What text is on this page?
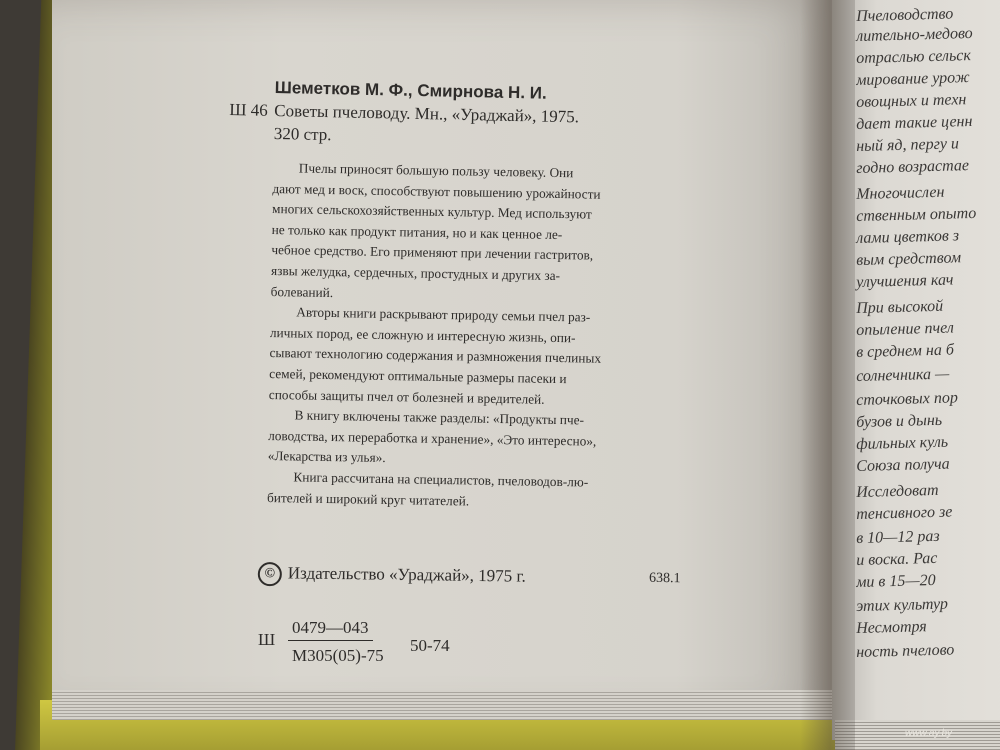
Шеметков М. Ф., Смирнова Н. И.
Ш 46 Советы пчеловоду. Мн., «Ураджай», 1975.
320 стр.
Пчелы приносят большую пользу человеку. Они
дают мед и воск, способствуют повышению урожайности
многих сельскохозяйственных культур. Мед используют
не только как продукт питания, но и как ценное ле-
чебное средство. Его применяют при лечении гастритов,
язвы желудка, сердечных, простудных и других за-
болеваний.
Авторы книги раскрывают природу семьи пчел раз-
личных пород, ее сложную и интересную жизнь, опи-
сывают технологию содержания и размножения пчелиных
семей, рекомендуют оптимальные размеры пасеки и
способы защиты пчел от болезней и вредителей.
В книгу включены также разделы: «Продукты пче-
ловодства, их переработка и хранение», «Это интересно»,
«Лекарства из улья».
Книга рассчитана на специалистов, пчеловодов-лю-
бителей и широкий круг читателей.
© Издательство «Ураджай», 1975 г.	638.1
Ш
0479—043
М305(05)-75
50-74
Пчеловодство
лительно-медово
отраслью сельск
мирование урож
овощных и техн
дает такие ценн
ный яд, пергу и
годно возрастае
Многочислен
ственным опыто
лами цветков з
вым средством
улучшения кач
При высокой
опыление пчел
в среднем на б
солнечника —
сточковых пор
бузов и дынь
фильных куль
Союза получа
Исследоват
тенсивного зе
в 10—12 раз
и воска. Рас
ми в 15—20
этих культур
Несмотря
ность пчелово
www.ay.by
